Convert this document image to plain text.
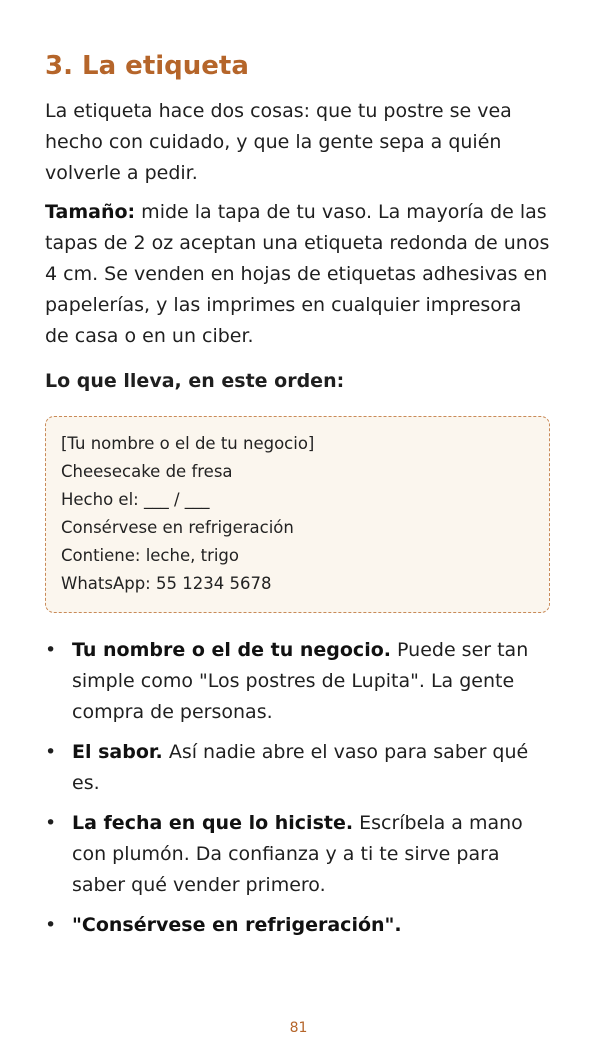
3. La etiqueta

La etiqueta hace dos cosas: que tu postre se vea hecho con cuidado, y que la gente sepa a quién volverle a pedir.

Tamaño: mide la tapa de tu vaso. La mayoría de las tapas de 2 oz aceptan una etiqueta redonda de unos 4 cm. Se venden en hojas de etiquetas adhesivas en papelerías, y las imprimes en cualquier impresora de casa o en un ciber.

Lo que lleva, en este orden:
[Tu nombre o el de tu negocio]
Cheesecake de fresa
Hecho el: ___ / ___
Consérvese en refrigeración
Contiene: leche, trigo
WhatsApp: 55 1234 5678
• Tu nombre o el de tu negocio. Puede ser tan simple como "Los postres de Lupita". La gente compra de personas.
• El sabor. Así nadie abre el vaso para saber qué es.
• La fecha en que lo hiciste. Escríbela a mano con plumón. Da confianza y a ti te sirve para saber qué vender primero.
• "Consérvese en refrigeración".
81
